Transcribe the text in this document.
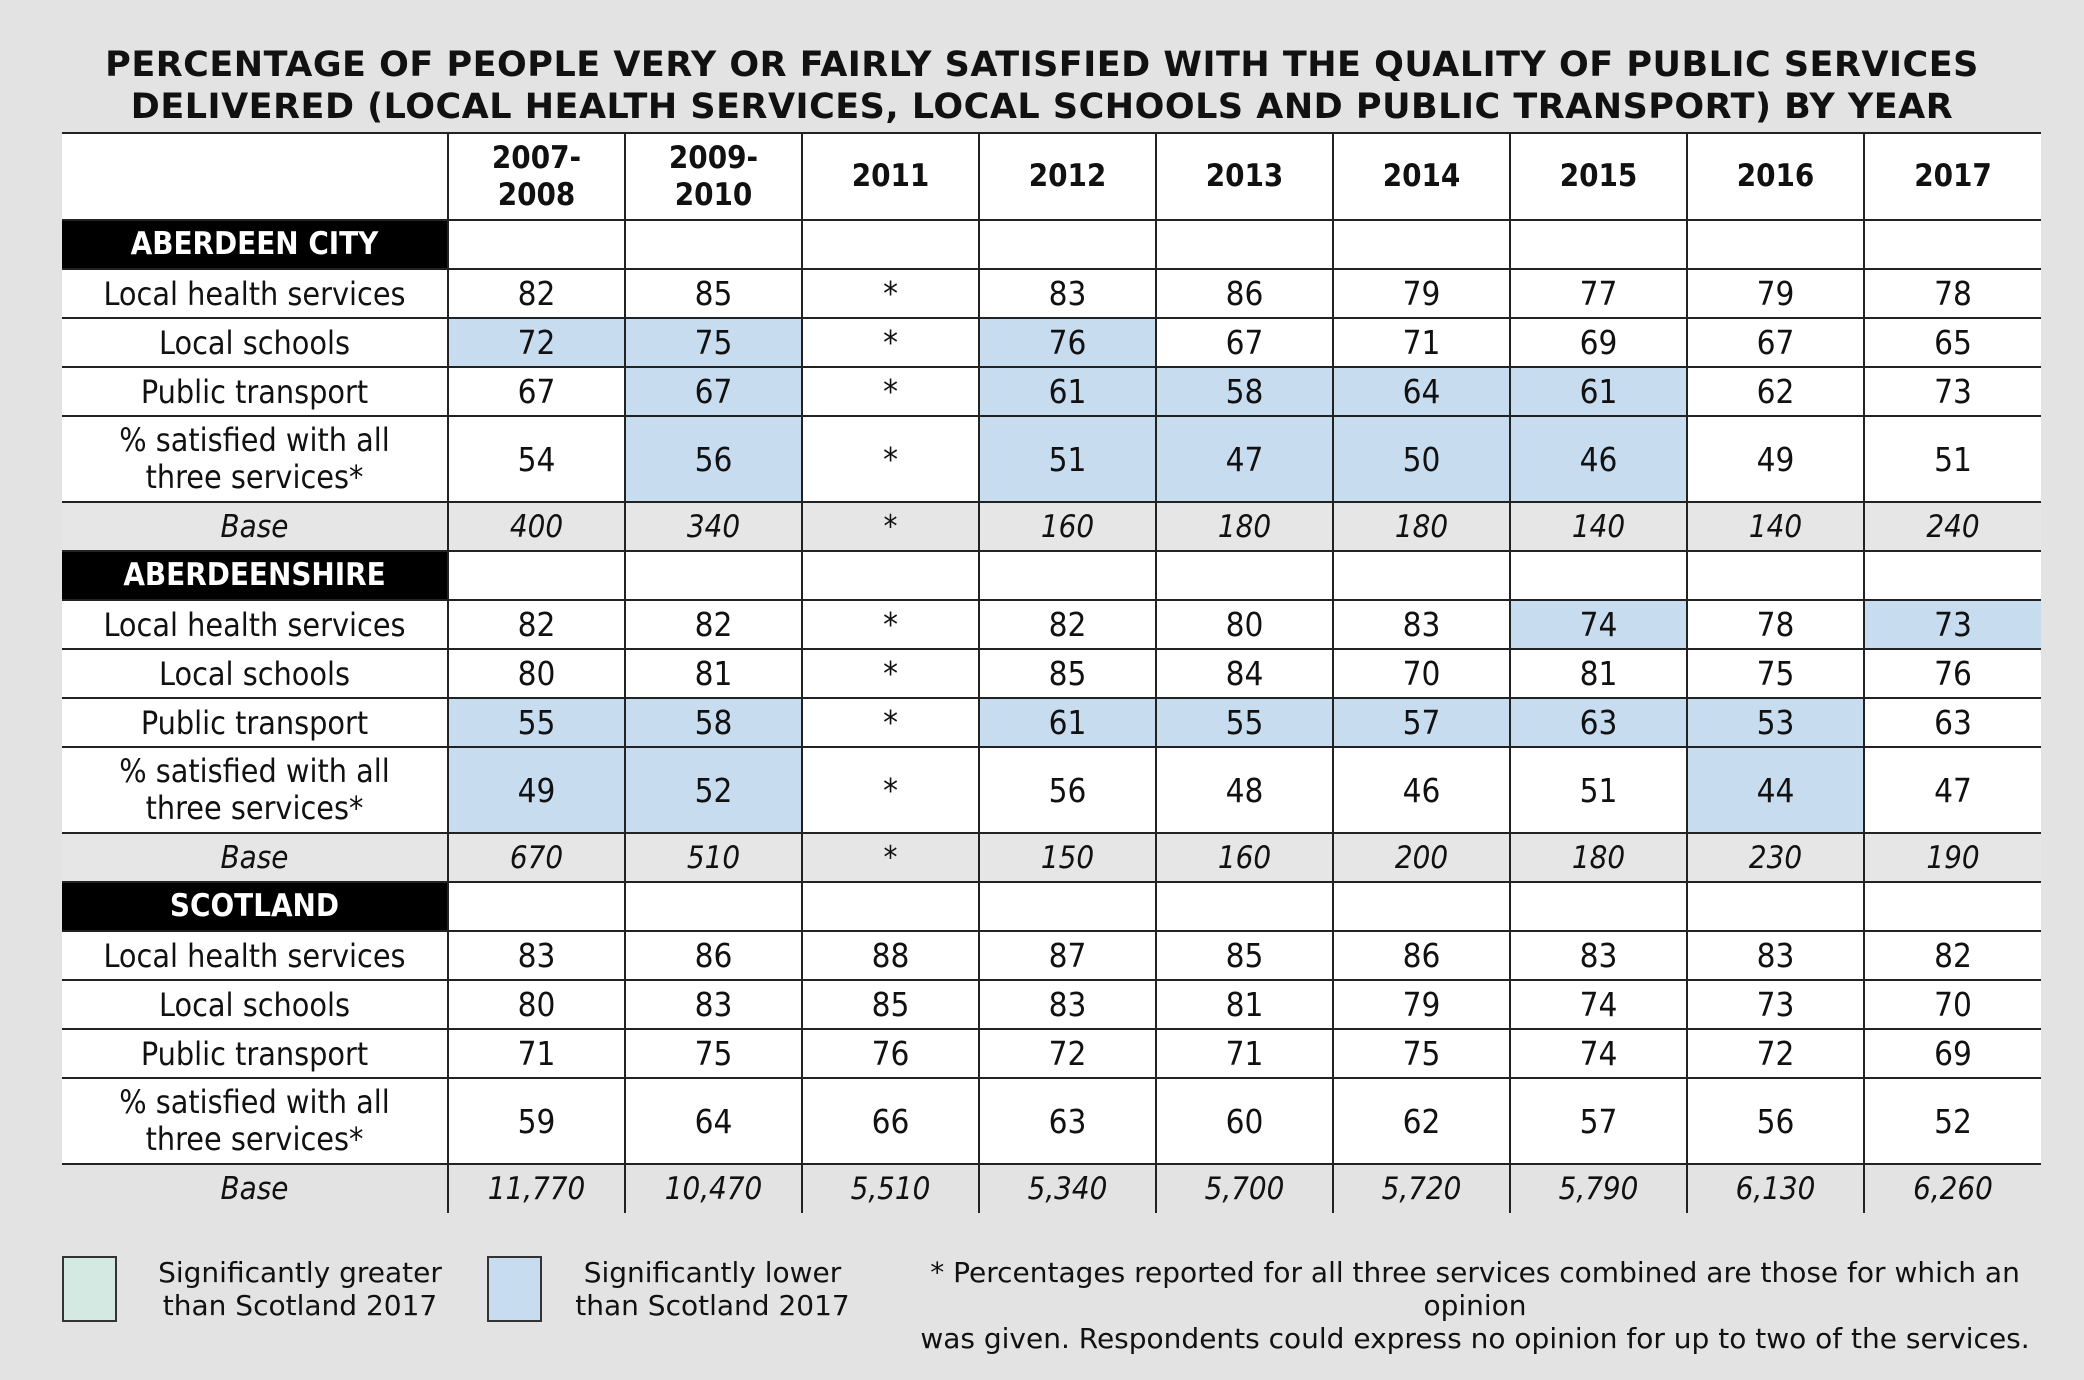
PERCENTAGE OF PEOPLE VERY OR FAIRLY SATISFIED WITH THE QUALITY OF PUBLIC SERVICES
DELIVERED (LOCAL HEALTH SERVICES, LOCAL SCHOOLS AND PUBLIC TRANSPORT) BY YEAR
	2007-
2008	2009-
2010	2011	2012	2013	2014	2015	2016	2017

ABERDEEN CITY									

Local health services	82	85	*	83	86	79	77	79	78
Local schools	72	75	*	76	67	71	69	67	65
Public transport	67	67	*	61	58	64	61	62	73
% satisfied with all
three services*	54	56	*	51	47	50	46	49	51
Base	400	340	*	160	180	180	140	140	240

ABERDEENSHIRE									

Local health services	82	82	*	82	80	83	74	78	73
Local schools	80	81	*	85	84	70	81	75	76
Public transport	55	58	*	61	55	57	63	53	63
% satisfied with all
three services*	49	52	*	56	48	46	51	44	47
Base	670	510	*	150	160	200	180	230	190

SCOTLAND									

Local health services	83	86	88	87	85	86	83	83	82
Local schools	80	83	85	83	81	79	74	73	70
Public transport	71	75	76	72	71	75	74	72	69
% satisfied with all
three services*	59	64	66	63	60	62	57	56	52
Base	11,770	10,470	5,510	5,340	5,700	5,720	5,790	6,130	6,260
Significantly greater than Scotland 2017
Significantly lower than Scotland 2017
* Percentages reported for all three services combined are those for which an opinion
was given. Respondents could express no opinion for up to two of the services.
